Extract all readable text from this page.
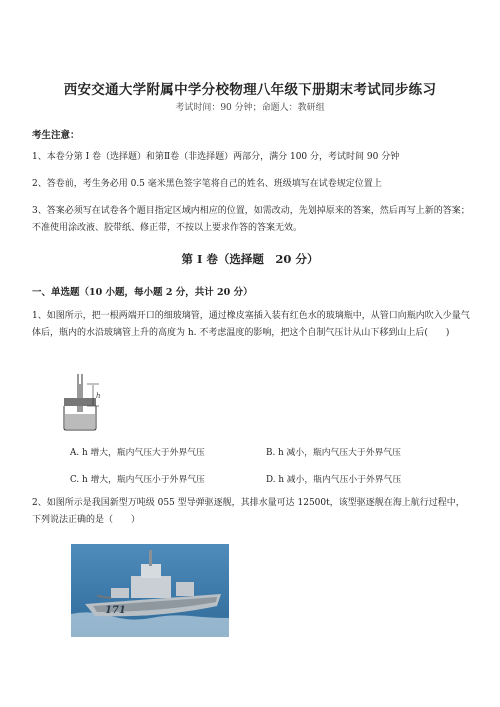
西安交通大学附属中学分校物理八年级下册期末考试同步练习
考试时间：90 分钟；命题人：教研组
考生注意：
1、本卷分第 I 卷（选择题）和第Ⅱ卷（非选择题）两部分，满分 100 分，考试时间 90 分钟
2、答卷前，考生务必用 0.5 毫米黑色签字笔将自己的姓名、班级填写在试卷规定位置上
3、答案必须写在试卷各个题目指定区域内相应的位置，如需改动，先划掉原来的答案，然后再写上新的答案；不准使用涂改液、胶带纸、修正带，不按以上要求作答的答案无效。
第 I 卷（选择题　20 分）
一、单选题（10 小题，每小题 2 分，共计 20 分）
1、如图所示，把一根两端开口的细玻璃管，通过橡皮塞插入装有红色水的玻璃瓶中，从管口向瓶内吹入少量气体后，瓶内的水沿玻璃管上升的高度为 h. 不考虑温度的影响，把这个自制气压计从山下移到山上后(　　)
h
A. h 增大，瓶内气压大于外界气压	B. h 减小，瓶内气压大于外界气压
C. h 增大，瓶内气压小于外界气压	D. h 减小，瓶内气压小于外界气压
2、如图所示是我国新型万吨级 055 型导弹驱逐舰，其排水量可达 12500t，该型驱逐舰在海上航行过程中，下列说法正确的是（　　）
171
